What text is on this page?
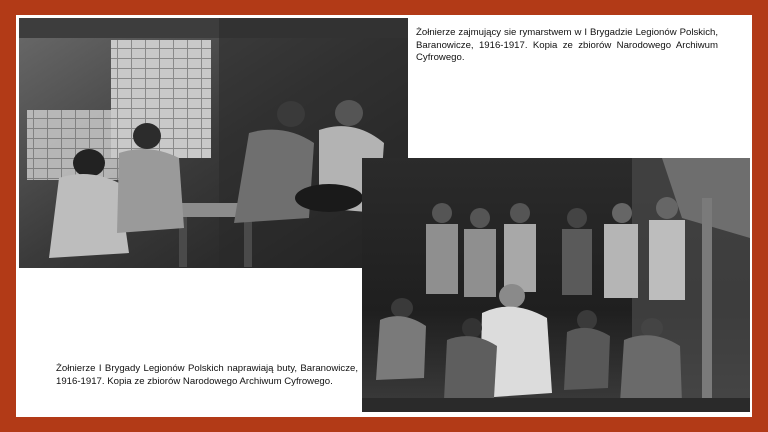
Żołnierze zajmujący sie rymarstwem w I Brygadzie Legionów Polskich, Baranowicze, 1916-1917. Kopia ze zbiorów Narodowego Archiwum Cyfrowego.

Żołnierze I Brygady Legionów Polskich naprawiają buty, Baranowicze, 1916-1917. Kopia ze zbiorów Narodowego Archiwum Cyfrowego.
